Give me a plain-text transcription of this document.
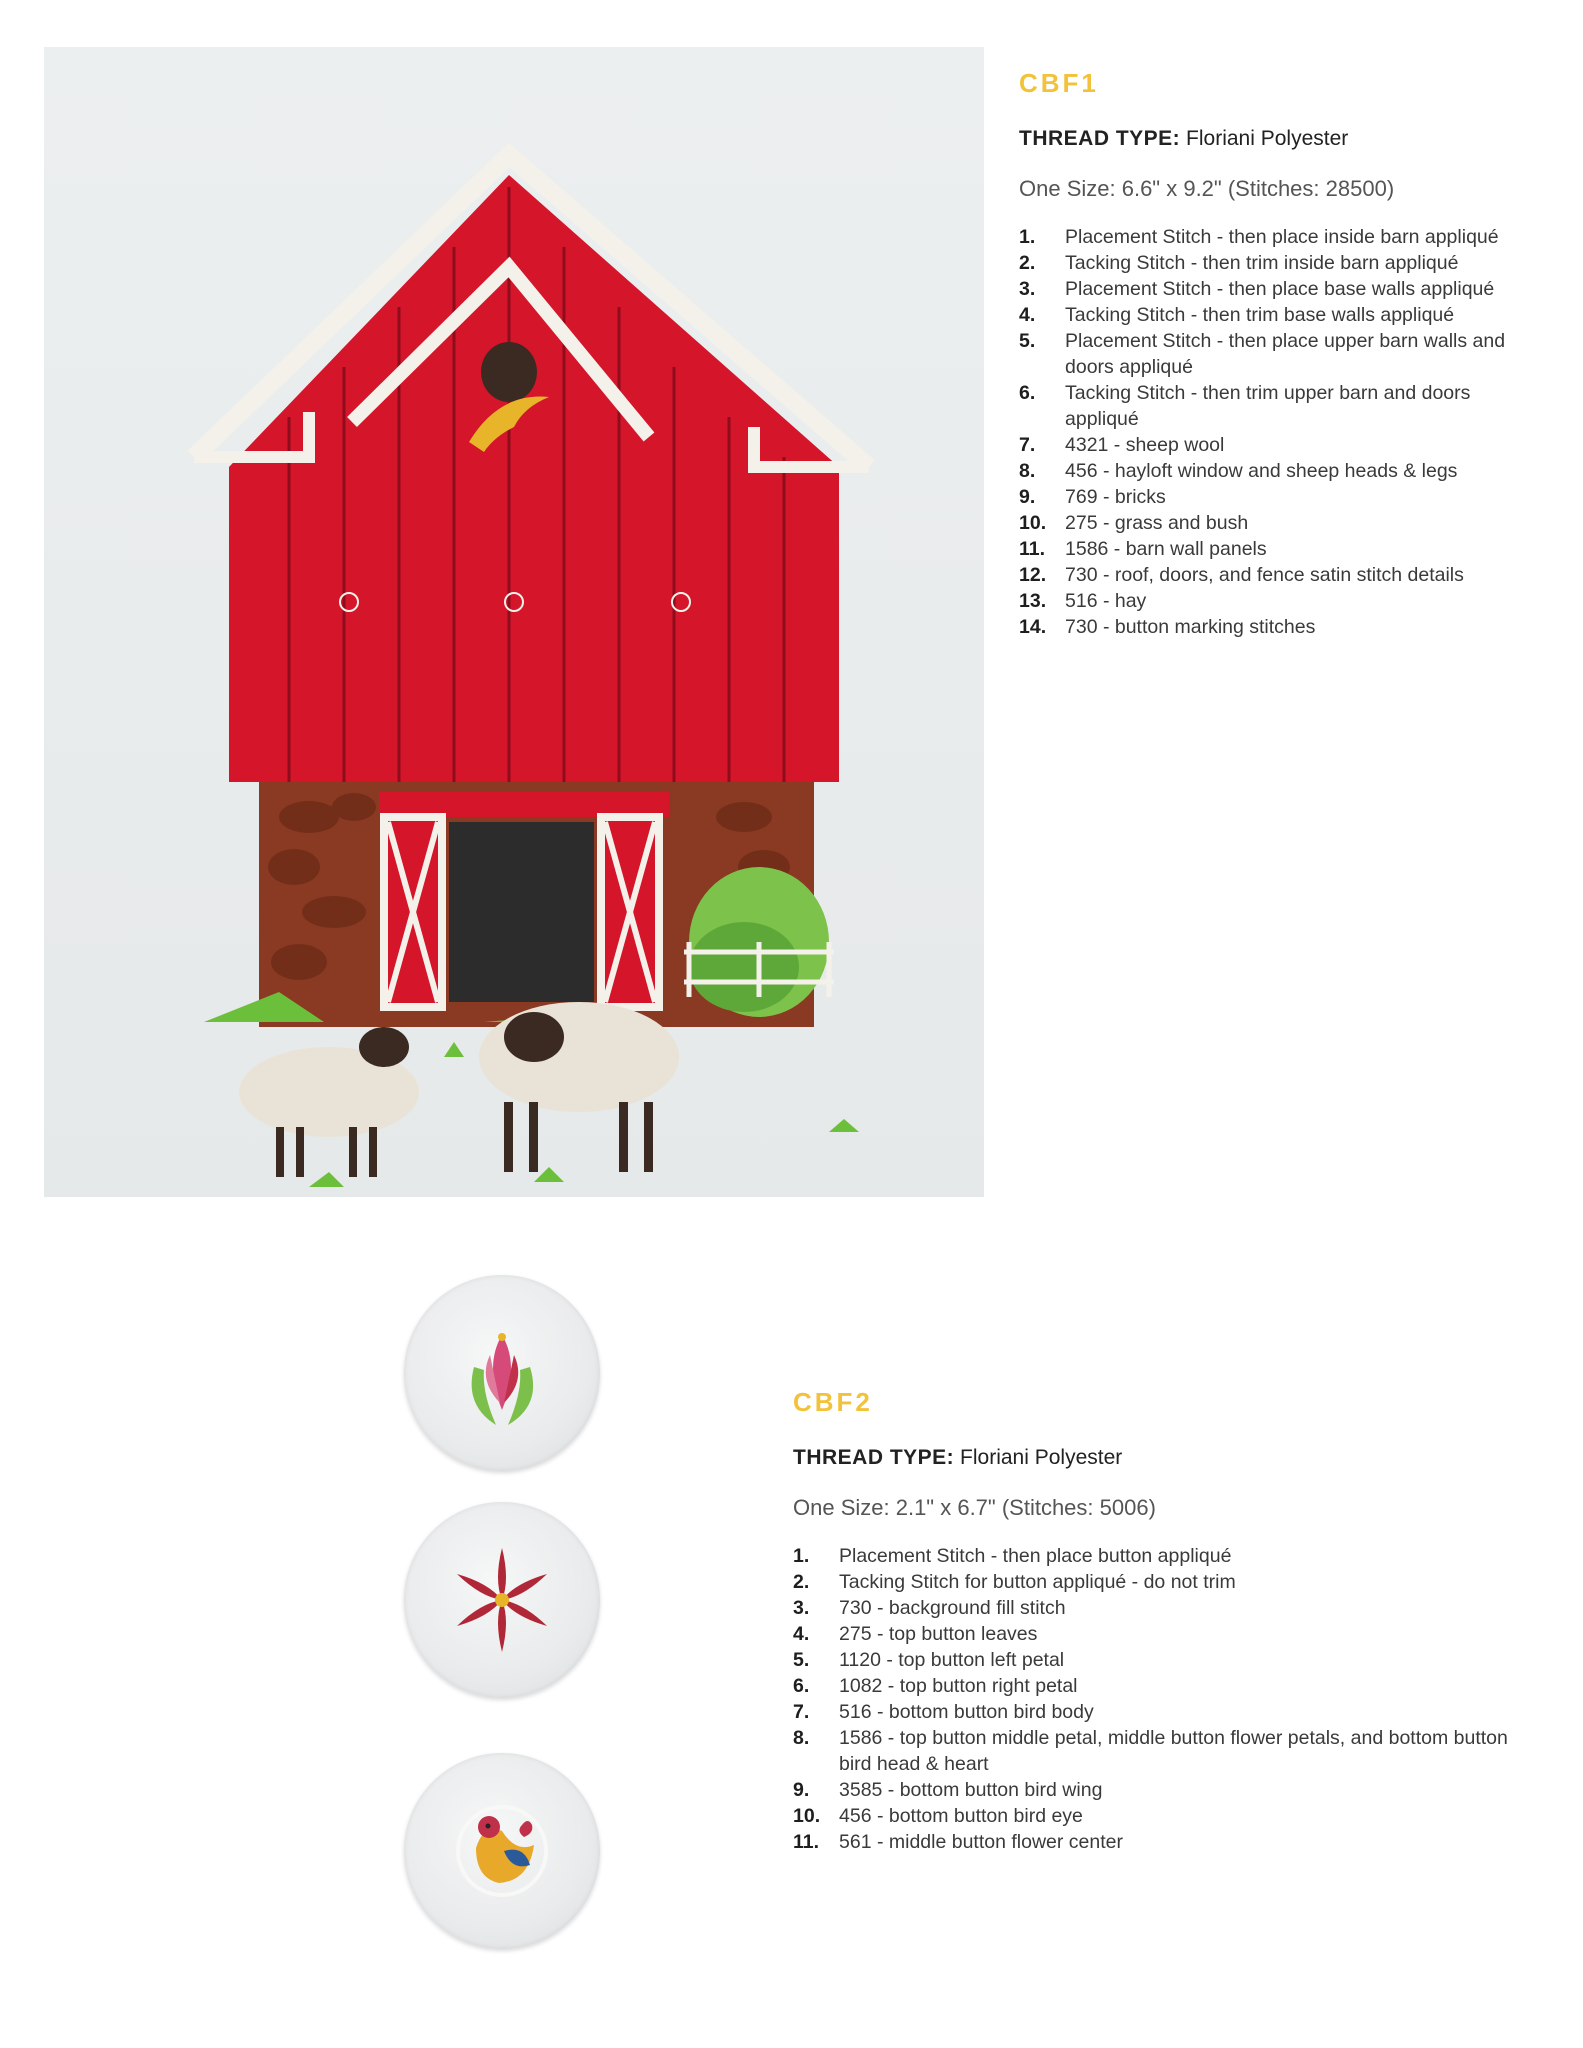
CBF1
THREAD TYPE: Floriani Polyester
One Size: 6.6" x 9.2" (Stitches: 28500)
1.	Placement Stitch - then place inside barn appliqué
2.	Tacking Stitch - then trim inside barn appliqué
3.	Placement Stitch - then place base walls appliqué
4.	Tacking Stitch - then trim base walls appliqué
5.	Placement Stitch - then place upper barn walls and doors appliqué
6.	Tacking Stitch - then trim upper barn and doors appliqué
7.	4321 - sheep wool
8.	456 - hayloft window and sheep heads & legs
9.	769 - bricks
10. 275 - grass and bush
11.	1586 - barn wall panels
12. 730 - roof, doors, and fence satin stitch details
13. 516 - hay
14. 730 - button marking stitches
CBF2
THREAD TYPE: Floriani Polyester
One Size: 2.1" x 6.7" (Stitches: 5006)
1.	Placement Stitch - then place button appliqué
2.	Tacking Stitch for button appliqué - do not trim
3.	730 - background fill stitch
4.	275 - top button leaves
5.	1120 - top button left petal
6.	1082 - top button right petal
7.	516 - bottom button bird body
8.	1586 - top button middle petal, middle button flower petals, and bottom button bird head & heart
9.	3585 - bottom button bird wing
10. 456 - bottom button bird eye
11.	561 - middle button flower center
